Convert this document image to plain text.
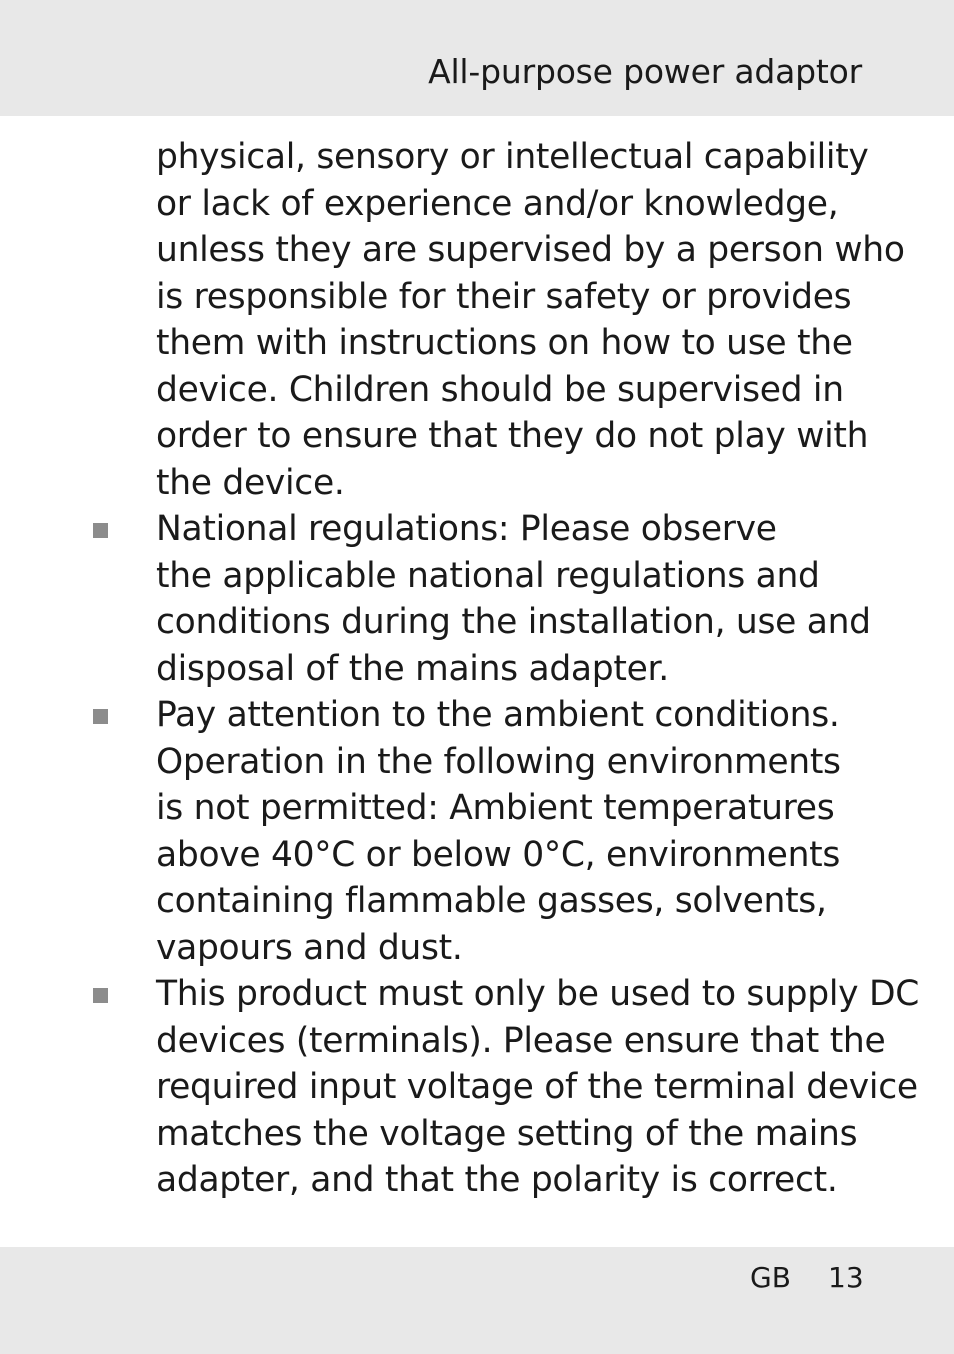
All-purpose power adaptor
physical, sensory or intellectual capability
or lack of experience and/or knowledge,
unless they are supervised by a person who
is responsible for their safety or provides
them with instructions on how to use the
device. Children should be supervised in
order to ensure that they do not play with
the device.
National regulations: Please observe
the applicable national regulations and
conditions during the installation, use and
disposal of the mains adapter.
Pay attention to the ambient conditions.
Operation in the following environments
is not permitted: Ambient temperatures
above 40°C or below 0°C, environments
containing flammable gasses, solvents,
vapours and dust.
This product must only be used to supply DC
devices (terminals). Please ensure that the
required input voltage of the terminal device
matches the voltage setting of the mains
adapter, and that the polarity is correct.
GB 13
